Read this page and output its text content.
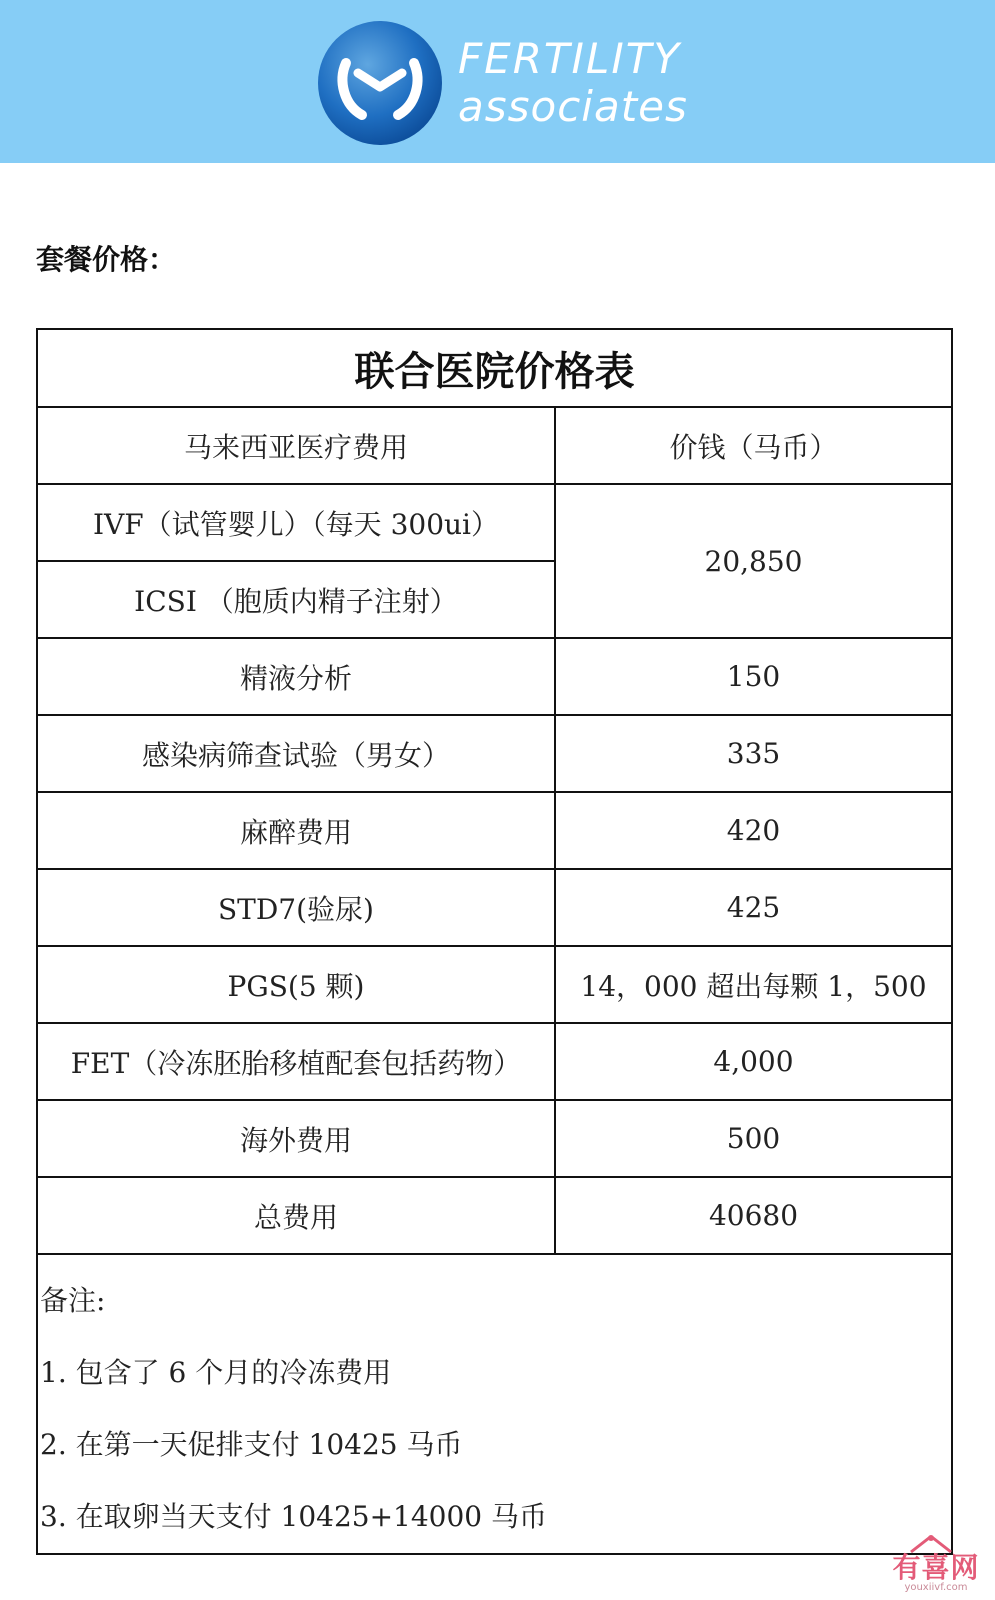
FERTILITY
associates
套餐价格：
联合医院价格表	
马来西亚医疗费用	价钱（马币）
IVF（试管婴儿）（每天 300ui）	20,850
ICSI （胞质内精子注射）	
精液分析	150
感染病筛查试验（男女）	335
麻醉费用	420
STD7(验尿)	425
PGS(5 颗)	14，000 超出每颗 1，500
FET（冷冻胚胎移植配套包括药物）	4,000
海外费用	500
总费用	40680

备注:
1. 包含了 6 个月的冷冻费用
2. 在第一天促排支付 10425 马币
3. 在取卵当天支付 10425+14000 马币	
有喜网
youxiivf.com
